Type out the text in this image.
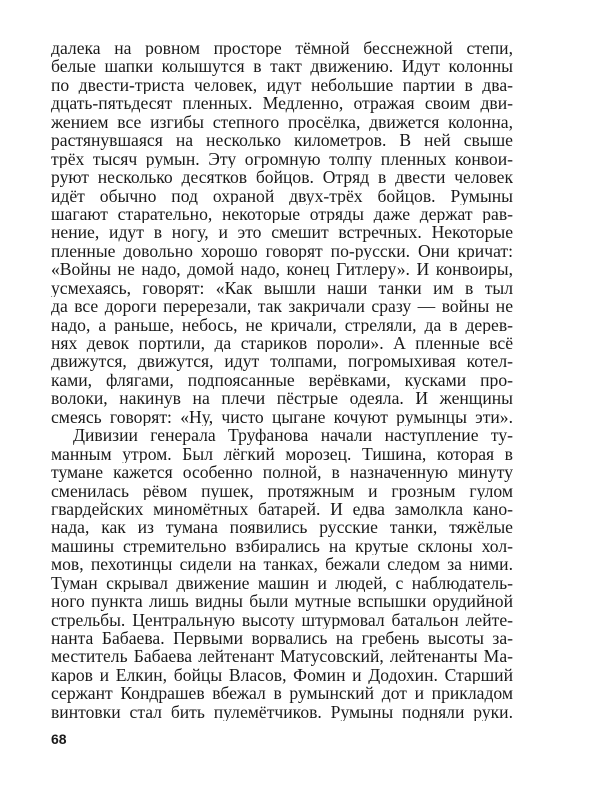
далека на ровном просторе тёмной бесснежной степи,
белые шапки колышутся в такт движению. Идут колонны
по двести-триста человек, идут небольшие партии в два-
дцать-пятьдесят пленных. Медленно, отражая своим дви-
жением все изгибы степного просёлка, движется колонна,
растянувшаяся на несколько километров. В ней свыше
трёх тысяч румын. Эту огромную толпу пленных конвои-
руют несколько десятков бойцов. Отряд в двести человек
идёт обычно под охраной двух-трёх бойцов. Румыны
шагают старательно, некоторые отряды даже держат рав-
нение, идут в ногу, и это смешит встречных. Некоторые
пленные довольно хорошо говорят по-русски. Они кричат:
«Войны не надо, домой надо, конец Гитлеру». И конвоиры,
усмехаясь, говорят: «Как вышли наши танки им в тыл
да все дороги перерезали, так закричали сразу — войны не
надо, а раньше, небось, не кричали, стреляли, да в дерев-
нях девок портили, да стариков пороли». А пленные всё
движутся, движутся, идут толпами, погромыхивая котел-
ками, флягами, подпоясанные верёвками, кусками про-
волоки, накинув на плечи пёстрые одеяла. И женщины
смеясь говорят: «Ну, чисто цыгане кочуют румынцы эти».
Дивизии генерала Труфанова начали наступление ту-
манным утром. Был лёгкий морозец. Тишина, которая в
тумане кажется особенно полной, в назначенную минуту
сменилась рёвом пушек, протяжным и грозным гулом
гвардейских миномётных батарей. И едва замолкла кано-
нада, как из тумана появились русские танки, тяжёлые
машины стремительно взбирались на крутые склоны хол-
мов, пехотинцы сидели на танках, бежали следом за ними.
Туман скрывал движение машин и людей, с наблюдатель-
ного пункта лишь видны были мутные вспышки орудийной
стрельбы. Центральную высоту штурмовал батальон лейте-
нанта Бабаева. Первыми ворвались на гребень высоты за-
меститель Бабаева лейтенант Матусовский, лейтенанты Ма-
каров и Елкин, бойцы Власов, Фомин и Додохин. Старший
сержант Кондрашев вбежал в румынский дот и прикладом
винтовки стал бить пулемётчиков. Румыны подняли руки.
68
